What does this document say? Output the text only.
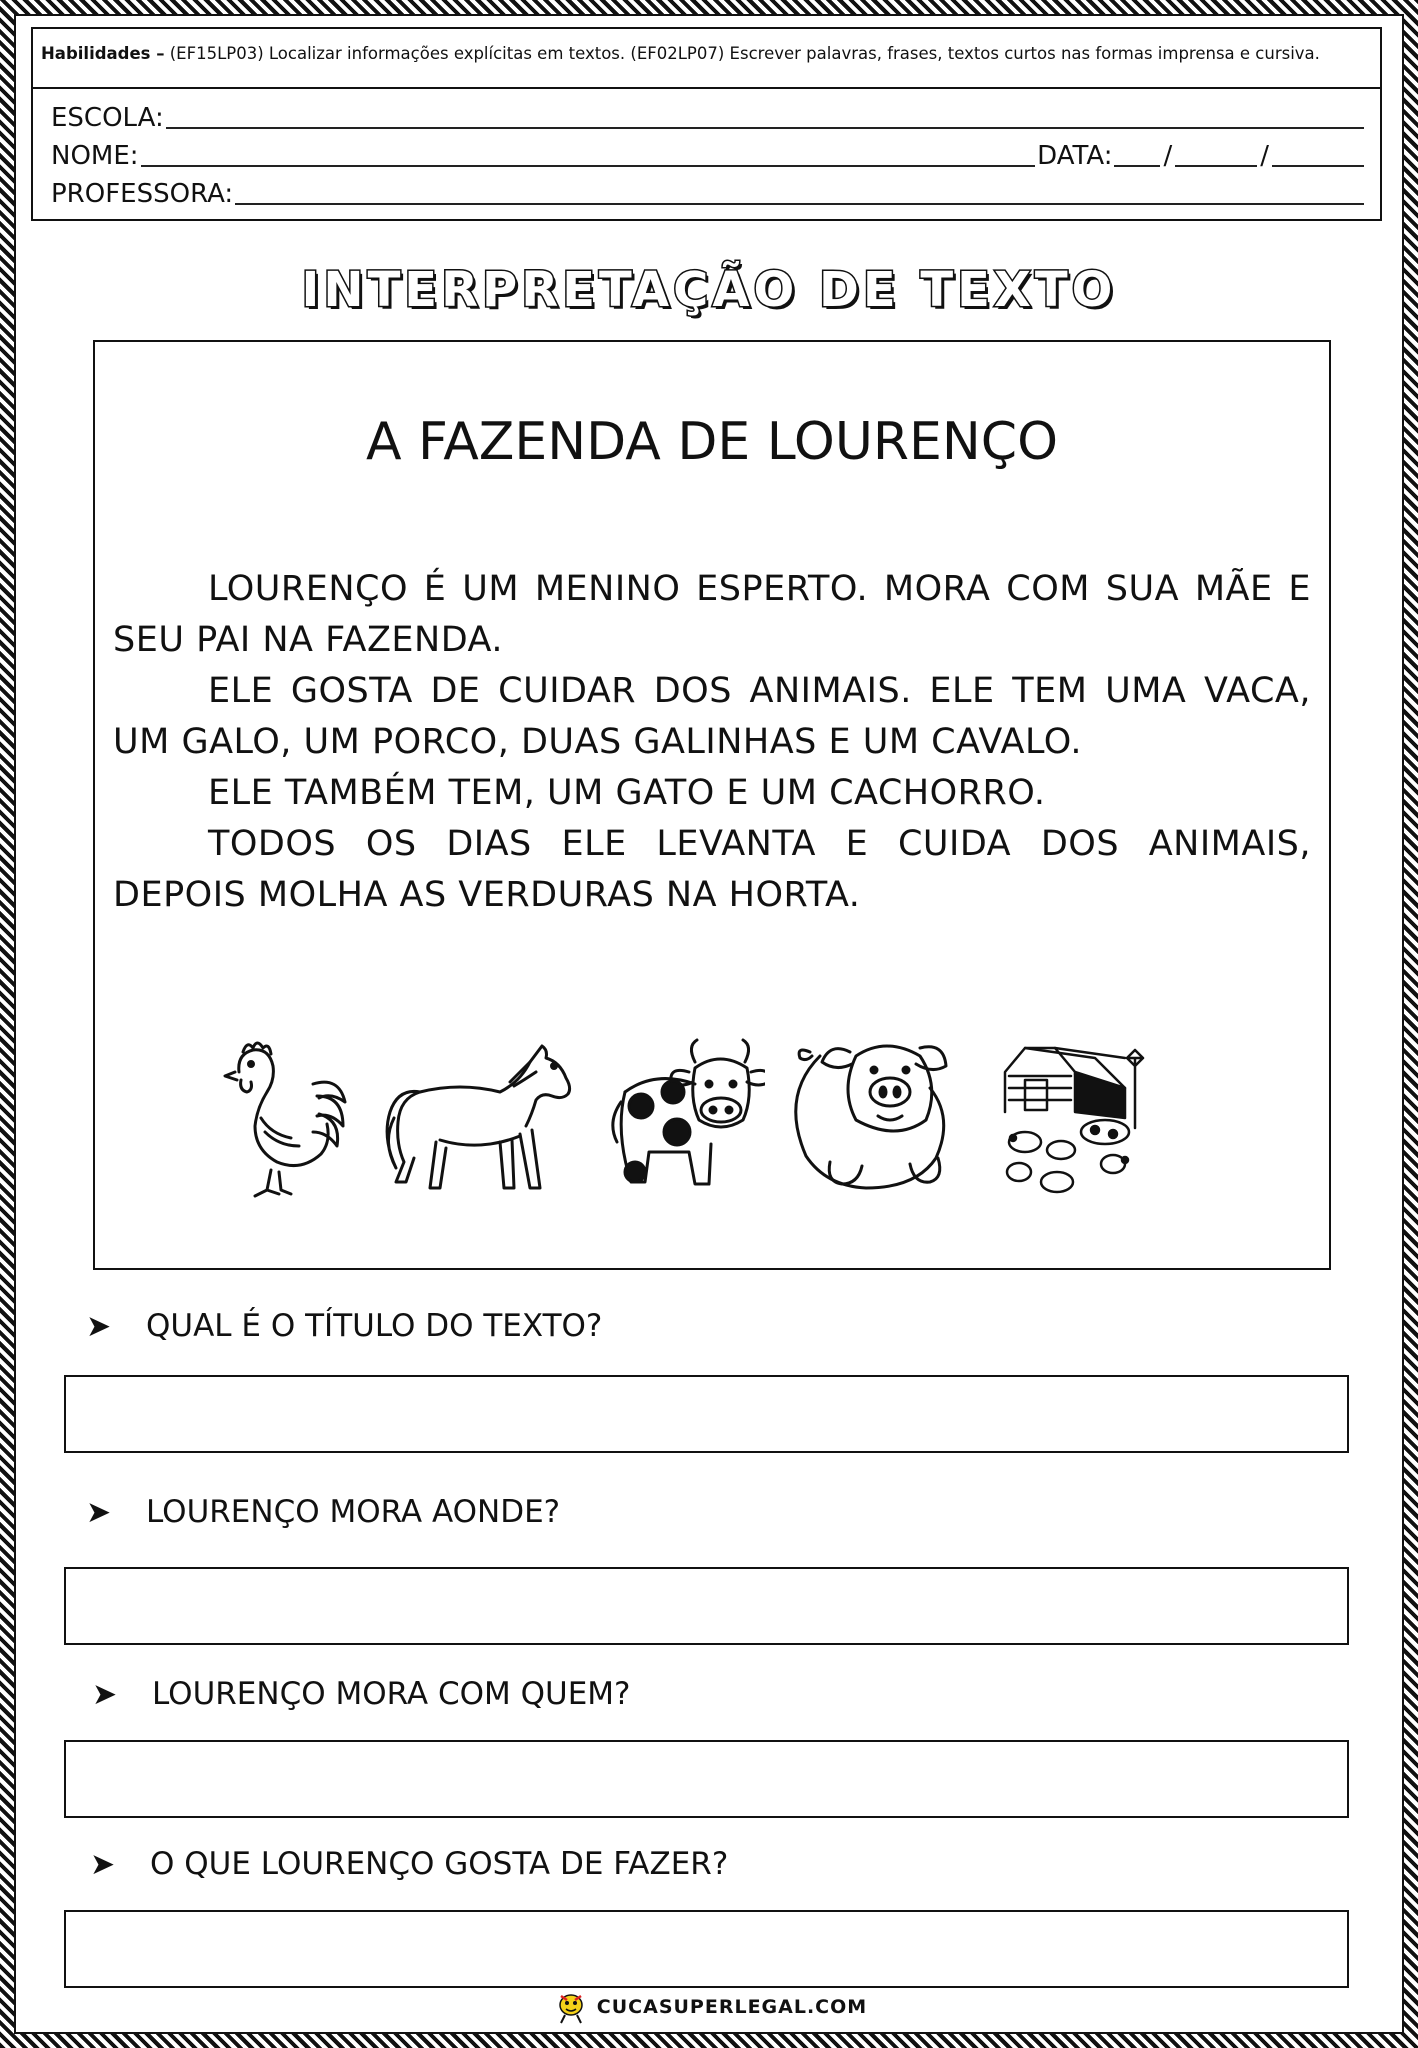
Habilidades – (EF15LP03) Localizar informações explícitas em textos. (EF02LP07) Escrever palavras, frases, textos curtos nas formas imprensa e cursiva.
ESCOLA:
NOME:	DATA: /	/
PROFESSORA:
INTERPRETAÇÃO DE TEXTO
A FAZENDA DE LOURENÇO

LOURENÇO É UM MENINO ESPERTO. MORA COM SUA MÃE E SEU PAI NA FAZENDA.

ELE GOSTA DE CUIDAR DOS ANIMAIS. ELE TEM UMA VACA, UM GALO, UM PORCO, DUAS GALINHAS E UM CAVALO.

ELE TAMBÉM TEM, UM GATO E UM CACHORRO.

TODOS OS DIAS ELE LEVANTA E CUIDA DOS ANIMAIS, DEPOIS MOLHA AS VERDURAS NA HORTA.

➤	QUAL É O TÍTULO DO TEXTO?
➤	LOURENÇO MORA AONDE?
➤	LOURENÇO MORA COM QUEM?
➤	O QUE LOURENÇO GOSTA DE FAZER?
CUCASUPERLEGAL.COM
